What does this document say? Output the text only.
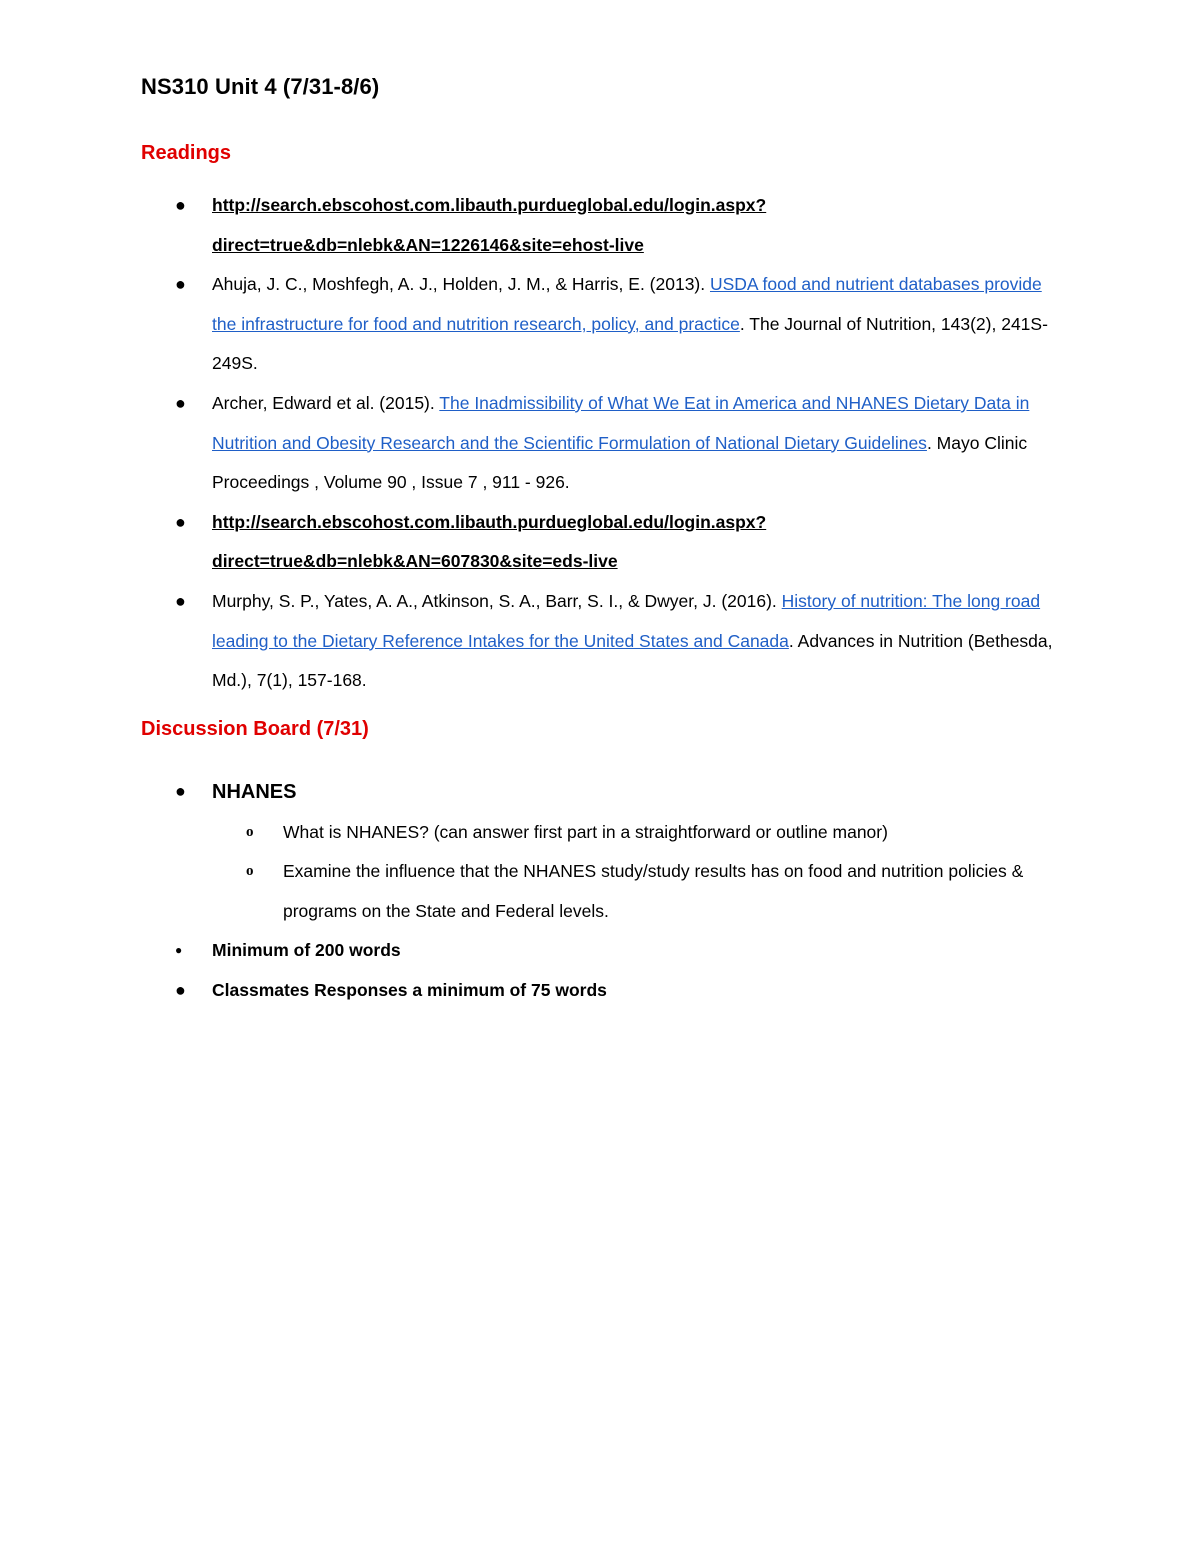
NS310 Unit 4 (7/31-8/6)
Readings
● http://search.ebscohost.com.libauth.purdueglobal.edu/login.aspx?
direct=true&db=nlebk&AN=1226146&site=ehost-live
● Ahuja, J. C., Moshfegh, A. J., Holden, J. M., & Harris, E. (2013). USDA food and nutrient databases provide the infrastructure for food and nutrition research, policy, and practice. The Journal of Nutrition, 143(2), 241S-249S.
● Archer, Edward et al. (2015). The Inadmissibility of What We Eat in America and NHANES Dietary Data in Nutrition and Obesity Research and the Scientific Formulation of National Dietary Guidelines. Mayo Clinic Proceedings , Volume 90 , Issue 7 , 911 - 926.
● http://search.ebscohost.com.libauth.purdueglobal.edu/login.aspx?
direct=true&db=nlebk&AN=607830&site=eds-live
● Murphy, S. P., Yates, A. A., Atkinson, S. A., Barr, S. I., & Dwyer, J. (2016). History of nutrition: The long road leading to the Dietary Reference Intakes for the United States and Canada. Advances in Nutrition (Bethesda, Md.), 7(1), 157-168.
Discussion Board (7/31)
● NHANES
o What is NHANES? (can answer first part in a straightforward or outline manor)
o Examine the influence that the NHANES study/study results has on food and nutrition policies & programs on the State and Federal levels.
● Minimum of 200 words
● Classmates Responses a minimum of 75 words
